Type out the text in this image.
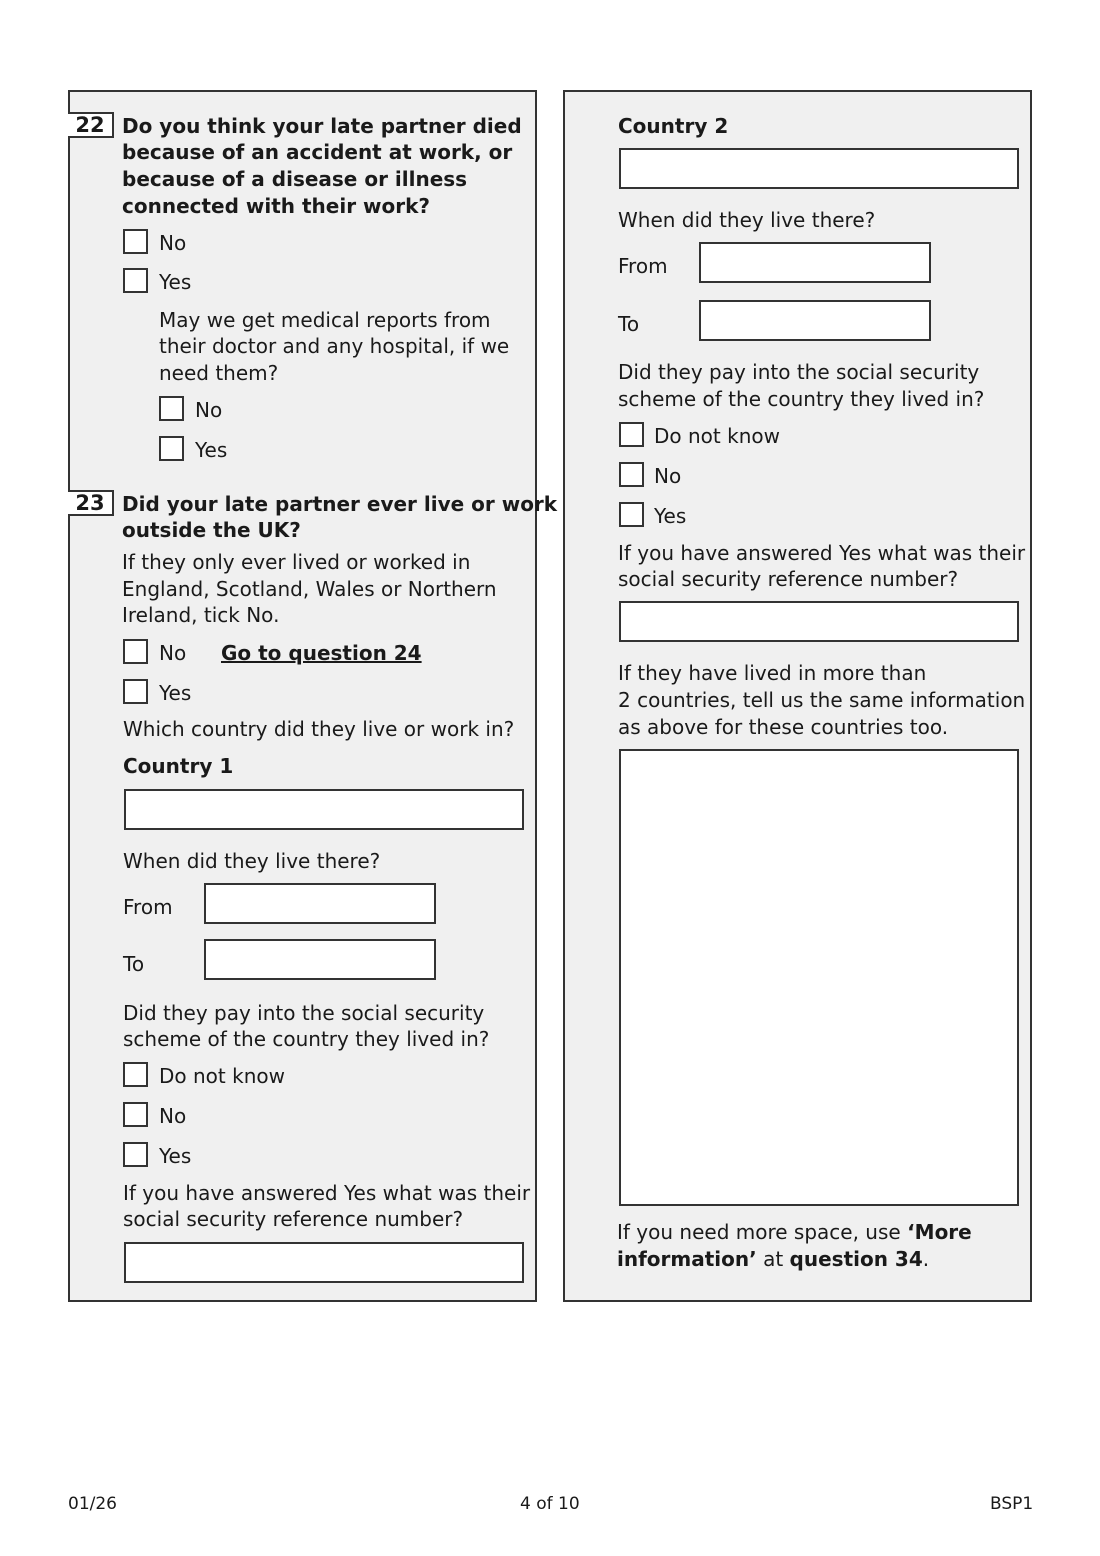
22 Do you think your late partner died
because of an accident at work, or
because of a disease or illness
connected with their work?
No
Yes
May we get medical reports from
their doctor and any hospital, if we
need them?
No
Yes
23 Did your late partner ever live or work
outside the UK?
If they only ever lived or worked in
England, Scotland, Wales or Northern
Ireland, tick No.
No Go to question 24
Yes
Which country did they live or work in?
Country 1
When did they live there?
From
To
Did they pay into the social security
scheme of the country they lived in?
Do not know
No
Yes
If you have answered Yes what was their
social security reference number?
Country 2
When did they live there?
From
To
Did they pay into the social security
scheme of the country they lived in?
Do not know
No
Yes
If you have answered Yes what was their
social security reference number?
If they have lived in more than
2 countries, tell us the same information
as above for these countries too.
If you need more space, use ‘More
information’ at question 34.
01/26	4 of 10	BSP1
